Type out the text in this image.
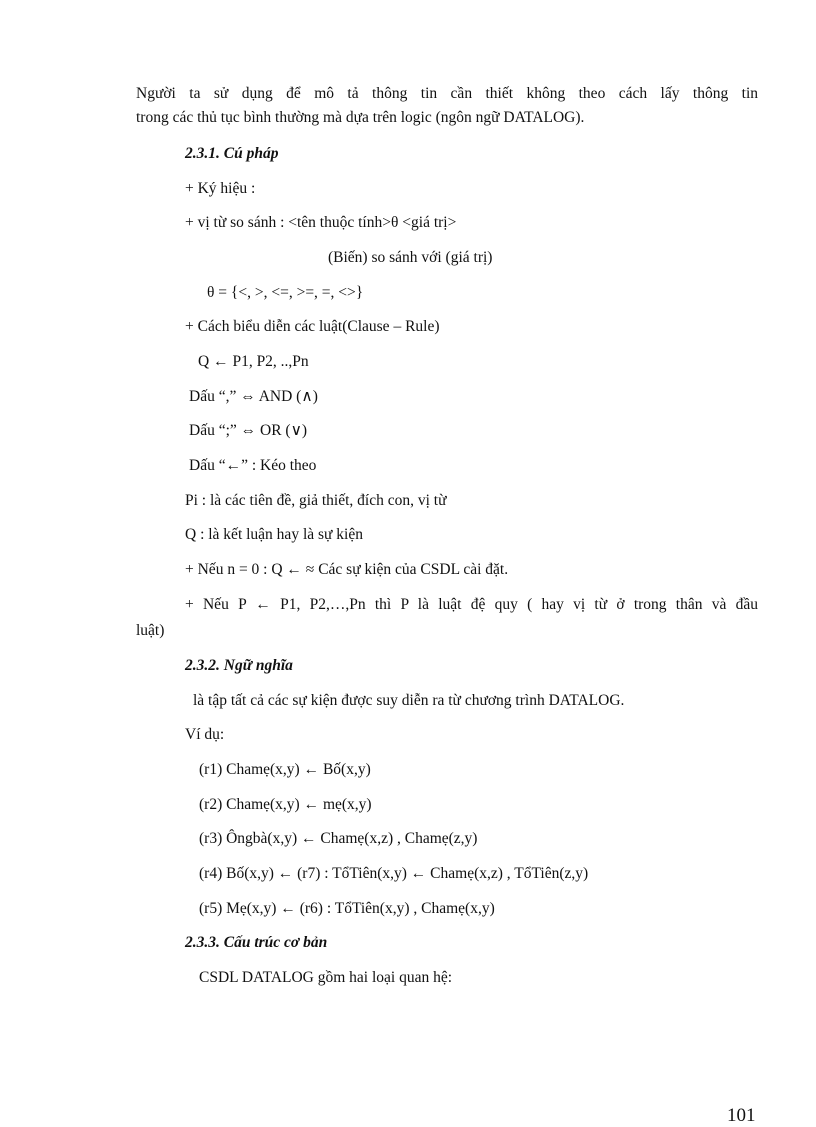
Người ta sử dụng để mô tả thông tin cần thiết không theo cách lấy thông tin
trong các thủ tục bình thường mà dựa trên logic (ngôn ngữ DATALOG).
2.3.1. Cú pháp
+ Ký hiệu :
+ vị từ so sánh : <tên thuộc tính>θ <giá trị>
(Biến) so sánh với (giá trị)
θ = {<, >, <=, >=, =, <>}
+ Cách biểu diễn các luật(Clause – Rule)
Q ← P1, P2, ..,Pn
Dấu “,” ⇔ AND (∧)
Dấu “;” ⇔ OR (∨)
Dấu “←” : Kéo theo
Pi : là các tiên đề, giả thiết, đích con, vị từ
Q : là kết luận hay là sự kiện
+ Nếu n = 0 : Q ← ≈ Các sự kiện của CSDL cài đặt.
+ Nếu P ← P1, P2,…,Pn thì P là luật đệ quy ( hay vị từ ở trong thân và đầu
luật)
2.3.2. Ngữ nghĩa
là tập tất cả các sự kiện được suy diễn ra từ chương trình DATALOG.
Ví dụ:
(r1) Chamẹ(x,y) ← Bố(x,y)
(r2) Chamẹ(x,y) ← mẹ(x,y)
(r3) Ôngbà(x,y) ← Chamẹ(x,z) , Chamẹ(z,y)
(r4) Bố(x,y) ← (r7) : TổTiên(x,y) ← Chamẹ(x,z) , TổTiên(z,y)
(r5) Mẹ(x,y) ← (r6) : TổTiên(x,y) , Chamẹ(x,y)
2.3.3. Cấu trúc cơ bản
CSDL DATALOG gồm hai loại quan hệ:
101
